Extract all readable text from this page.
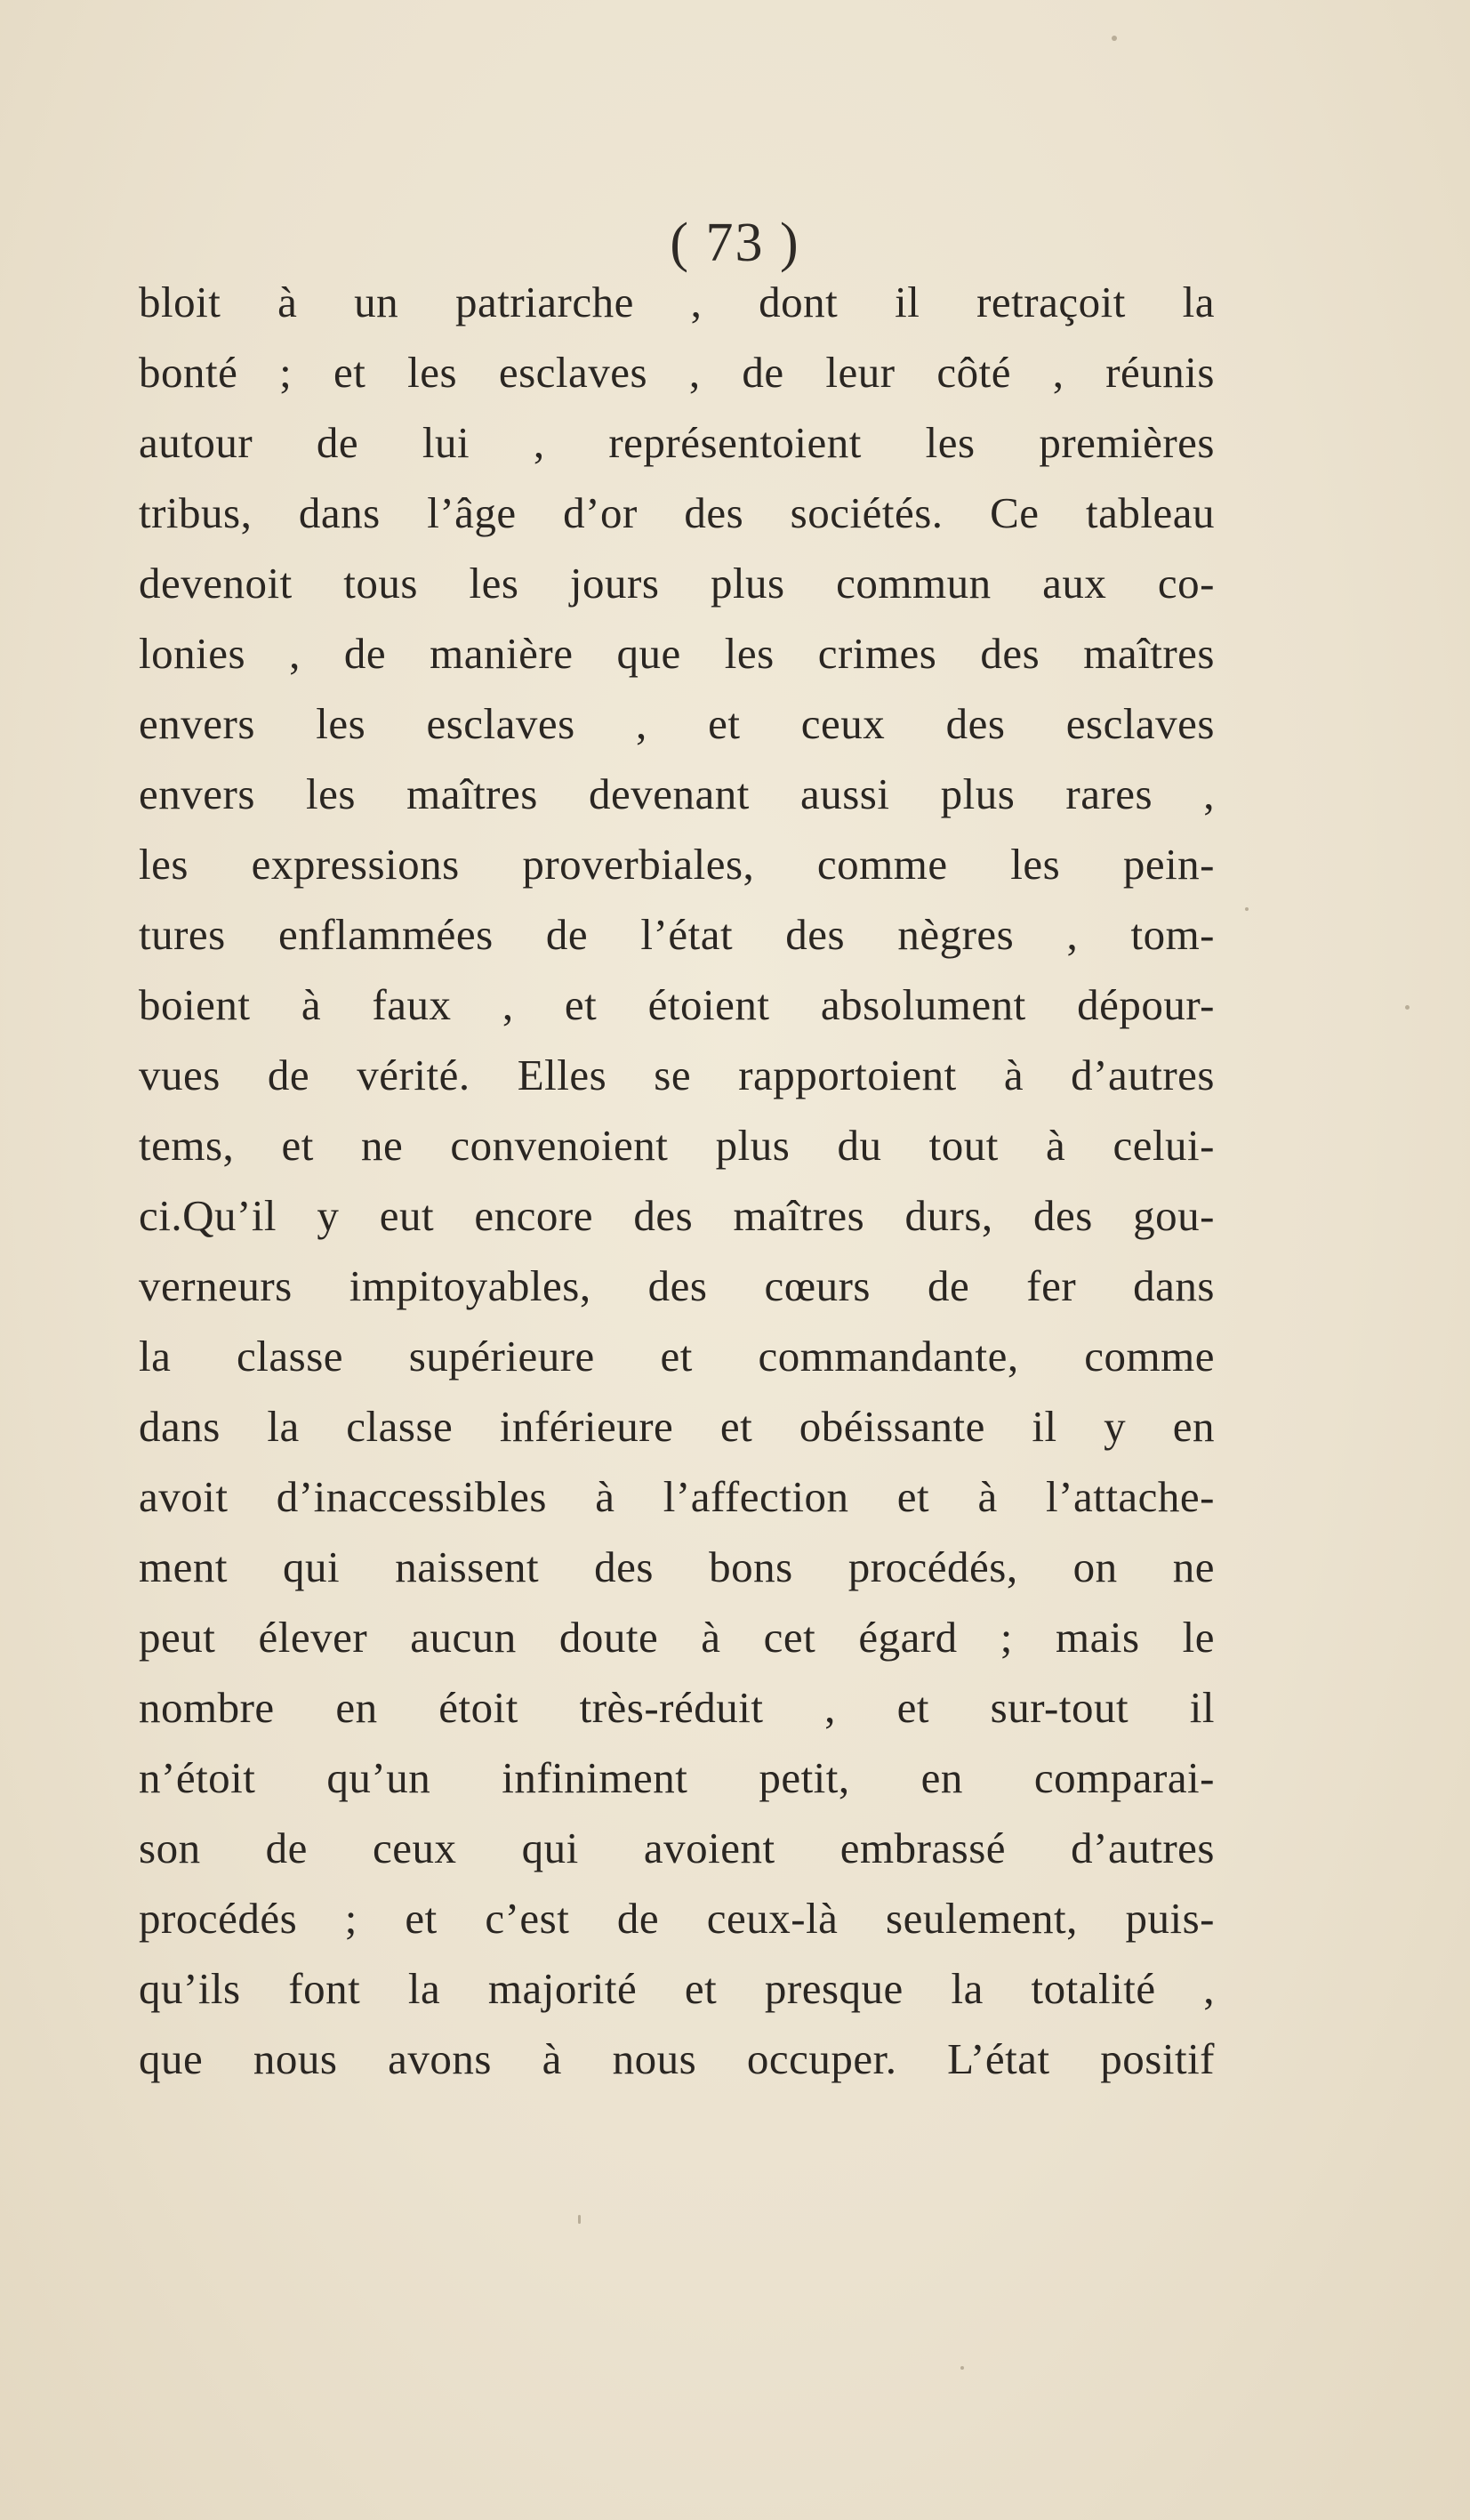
( 73 )
bloit à un patriarche , dont il retraçoit la
bonté ; et les esclaves , de leur côté , réunis
autour de lui , représentoient les premières
tribus, dans l’âge d’or des sociétés. Ce tableau
devenoit tous les jours plus commun aux co-
lonies , de manière que les crimes des maîtres
envers les esclaves , et ceux des esclaves
envers les maîtres devenant aussi plus rares ,
les expressions proverbiales, comme les pein-
tures enflammées de l’état des nègres , tom-
boient à faux , et étoient absolument dépour-
vues de vérité. Elles se rapportoient à d’autres
tems, et ne convenoient plus du tout à celui-
ci.Qu’il y eut encore des maîtres durs, des gou-
verneurs impitoyables, des cœurs de fer dans
la classe supérieure et commandante, comme
dans la classe inférieure et obéissante il y en
avoit d’inaccessibles à l’affection et à l’attache-
ment qui naissent des bons procédés, on ne
peut élever aucun doute à cet égard ; mais le
nombre en étoit très-réduit , et sur-tout il
n’étoit qu’un infiniment petit, en comparai-
son de ceux qui avoient embrassé d’autres
procédés ; et c’est de ceux-là seulement, puis-
qu’ils font la majorité et presque la totalité ,
que nous avons à nous occuper. L’état positif
